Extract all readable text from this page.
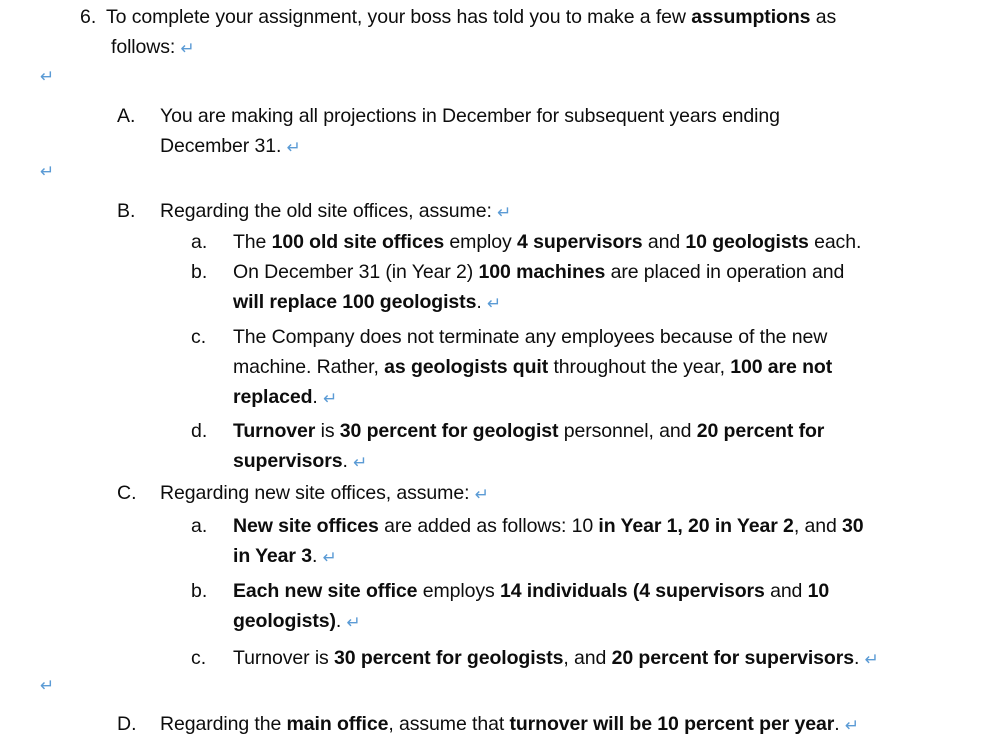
6. To complete your assignment, your boss has told you to make a few assumptions as
follows: ↵
↵
A. You are making all projections in December for subsequent years ending
December 31. ↵
↵
B. Regarding the old site offices, assume: ↵
a. The 100 old site offices employ 4 supervisors and 10 geologists each.
b. On December 31 (in Year 2) 100 machines are placed in operation and
will replace 100 geologists. ↵
c. The Company does not terminate any employees because of the new
machine. Rather, as geologists quit throughout the year, 100 are not
replaced. ↵
d. Turnover is 30 percent for geologist personnel, and 20 percent for
supervisors. ↵
C. Regarding new site offices, assume: ↵
a. New site offices are added as follows: 10 in Year 1, 20 in Year 2, and 30
in Year 3. ↵
b. Each new site office employs 14 individuals (4 supervisors and 10
geologists). ↵
c. Turnover is 30 percent for geologists, and 20 percent for supervisors. ↵
↵
D. Regarding the main office, assume that turnover will be 10 percent per year. ↵
